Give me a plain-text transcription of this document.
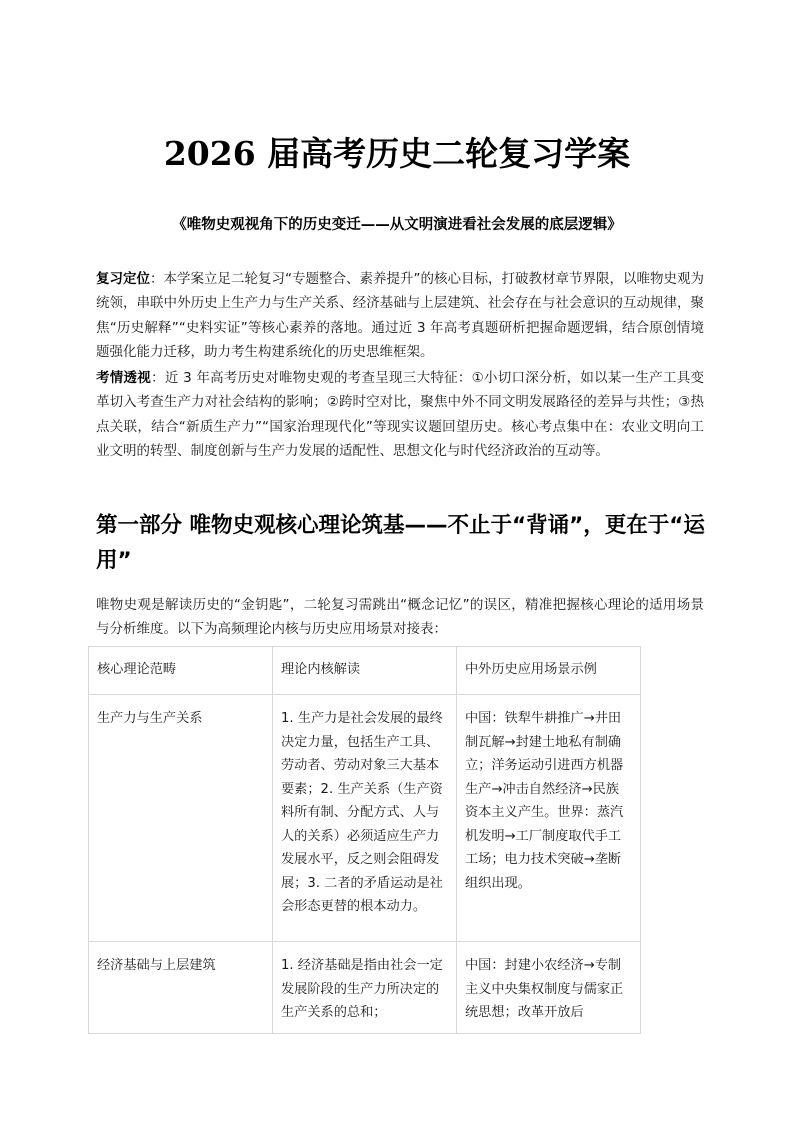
2026 届高考历史二轮复习学案
《唯物史观视角下的历史变迁——从文明演进看社会发展的底层逻辑》
复习定位：本学案立足二轮复习“专题整合、素养提升”的核心目标，打破教材章节界限，以唯物史观为统领，串联中外历史上生产力与生产关系、经济基础与上层建筑、社会存在与社会意识的互动规律，聚焦“历史解释”“史料实证”等核心素养的落地。通过近 3 年高考真题研析把握命题逻辑，结合原创情境题强化能力迁移，助力考生构建系统化的历史思维框架。
考情透视：近 3 年高考历史对唯物史观的考查呈现三大特征：①小切口深分析，如以某一生产工具变革切入考查生产力对社会结构的影响；②跨时空对比，聚焦中外不同文明发展路径的差异与共性；③热点关联，结合“新质生产力”“国家治理现代化”等现实议题回望历史。核心考点集中在：农业文明向工业文明的转型、制度创新与生产力发展的适配性、思想文化与时代经济政治的互动等。
第一部分 唯物史观核心理论筑基——不止于“背诵”，更在于“运用”
唯物史观是解读历史的“金钥匙”，二轮复习需跳出“概念记忆”的误区，精准把握核心理论的适用场景与分析维度。以下为高频理论内核与历史应用场景对接表：
核心理论范畴	理论内核解读	中外历史应用场景示例
生产力与生产关系	1. 生产力是社会发展的最终决定力量，包括生产工具、劳动者、劳动对象三大基本要素；2. 生产关系（生产资料所有制、分配方式、人与人的关系）必须适应生产力发展水平，反之则会阻碍发展；3. 二者的矛盾运动是社会形态更替的根本动力。	中国：铁犁牛耕推广→井田制瓦解→封建土地私有制确立；洋务运动引进西方机器生产→冲击自然经济→民族资本主义产生。世界：蒸汽机发明→工厂制度取代手工工场；电力技术突破→垄断组织出现。
经济基础与上层建筑	1. 经济基础是指由社会一定发展阶段的生产力所决定的生产关系的总和；	中国：封建小农经济→专制主义中央集权制度与儒家正统思想；改革开放后
